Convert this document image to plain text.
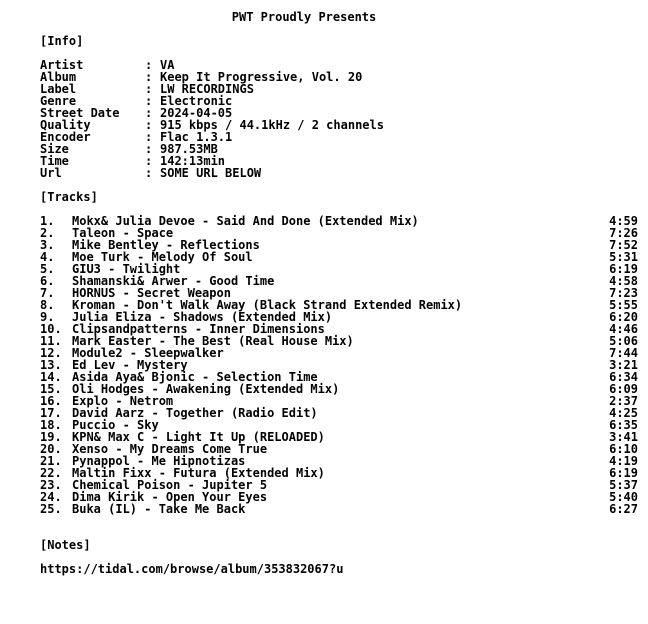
PWT Proudly Presents
[Info]
Artist	: VA
Album	: Keep It Progressive, Vol. 20
Label	: LW RECORDINGS
Genre	: Electronic
Street Date : 2024-04-05
Quality	: 915 kbps / 44.1kHz / 2 channels
Encoder	: Flac 1.3.1
Size	: 987.53MB
Time	: 142:13min
Url	: SOME URL BELOW
[Tracks]
1. Mokx& Julia Devoe - Said And Done (Extended Mix)	4:59
2. Taleon - Space	7:26
3. Mike Bentley - Reflections	7:52
4. Moe Turk - Melody Of Soul	5:31
5. GIU3 - Twilight	6:19
6. Shamanski& Arwer - Good Time	4:58
7. HORNUS - Secret Weapon	7:23
8. Kroman - Don't Walk Away (Black Strand Extended Remix)	5:55
9. Julia Eliza - Shadows (Extended Mix)	6:20
10. Clipsandpatterns - Inner Dimensions	4:46
11. Mark Easter - The Best (Real House Mix)	5:06
12. Module2 - Sleepwalker	7:44
13. Ed Lev - Mystery	3:21
14. Asida Aya& Bjonic - Selection Time	6:34
15. Oli Hodges - Awakening (Extended Mix)	6:09
16. Explo - Netrom	2:37
17. David Aarz - Together (Radio Edit)	4:25
18. Puccio - Sky	6:35
19. KPN& Max C - Light It Up (RELOADED)	3:41
20. Xenso - My Dreams Come True	6:10
21. Pynappol - Me Hipnotizas	4:19
22. Maltin Fixx - Futura (Extended Mix)	6:19
23. Chemical Poison - Jupiter 5	5:37
24. Dima Kirik - Open Your Eyes	5:40
25. Buka (IL) - Take Me Back	6:27
[Notes]
https://tidal.com/browse/album/353832067?u
